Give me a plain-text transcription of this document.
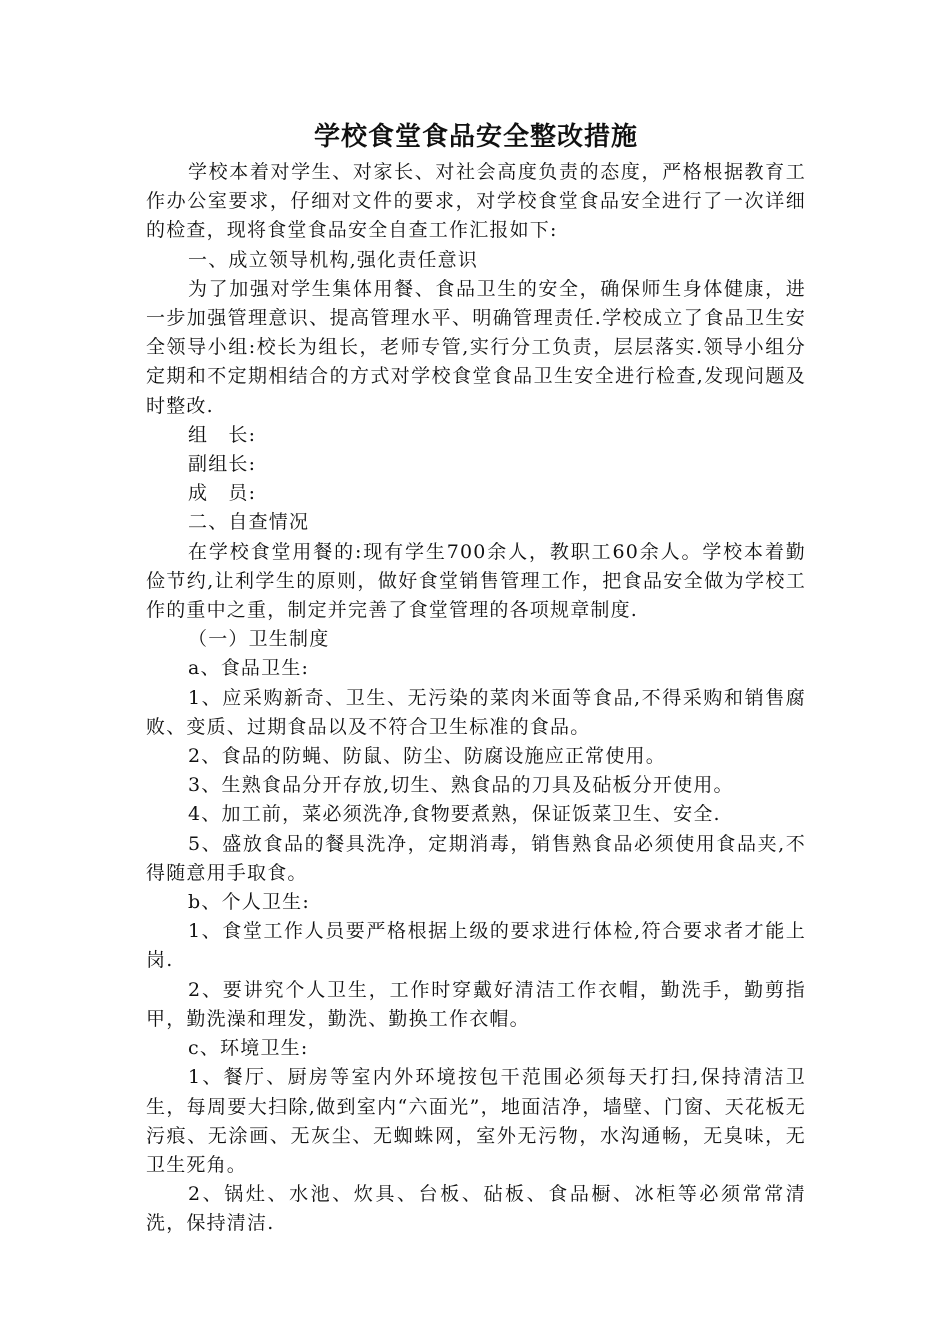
学校食堂食品安全整改措施

学校本着对学生、对家长、对社会高度负责的态度，严格根据教育工作办公室要求，仔细对文件的要求，对学校食堂食品安全进行了一次详细的检查，现将食堂食品安全自查工作汇报如下:

一、成立领导机构,强化责任意识

为了加强对学生集体用餐、食品卫生的安全，确保师生身体健康，进一步加强管理意识、提高管理水平、明确管理责任.学校成立了食品卫生安全领导小组:校长为组长，老师专管,实行分工负责，层层落实.领导小组分定期和不定期相结合的方式对学校食堂食品卫生安全进行检查,发现问题及时整改.

组　长:

副组长:

成　员:

二、自查情况

在学校食堂用餐的:现有学生700余人，教职工60余人。学校本着勤俭节约,让利学生的原则，做好食堂销售管理工作，把食品安全做为学校工作的重中之重，制定并完善了食堂管理的各项规章制度.

（一）卫生制度

a、食品卫生:

1、应采购新奇、卫生、无污染的菜肉米面等食品,不得采购和销售腐败、变质、过期食品以及不符合卫生标准的食品。

2、食品的防蝇、防鼠、防尘、防腐设施应正常使用。

3、生熟食品分开存放,切生、熟食品的刀具及砧板分开使用。

4、加工前，菜必须洗净,食物要煮熟，保证饭菜卫生、安全.

5、盛放食品的餐具洗净，定期消毒，销售熟食品必须使用食品夹,不得随意用手取食。

b、个人卫生:

1、食堂工作人员要严格根据上级的要求进行体检,符合要求者才能上岗.

2、要讲究个人卫生，工作时穿戴好清洁工作衣帽，勤洗手，勤剪指甲，勤洗澡和理发，勤洗、勤换工作衣帽。

c、环境卫生:

1、餐厅、厨房等室内外环境按包干范围必须每天打扫,保持清洁卫生，每周要大扫除,做到室内“六面光”，地面洁净，墙壁、门窗、天花板无污痕、无涂画、无灰尘、无蜘蛛网，室外无污物，水沟通畅，无臭味，无卫生死角。

2、锅灶、水池、炊具、台板、砧板、食品橱、冰柜等必须常常清洗，保持清洁.
